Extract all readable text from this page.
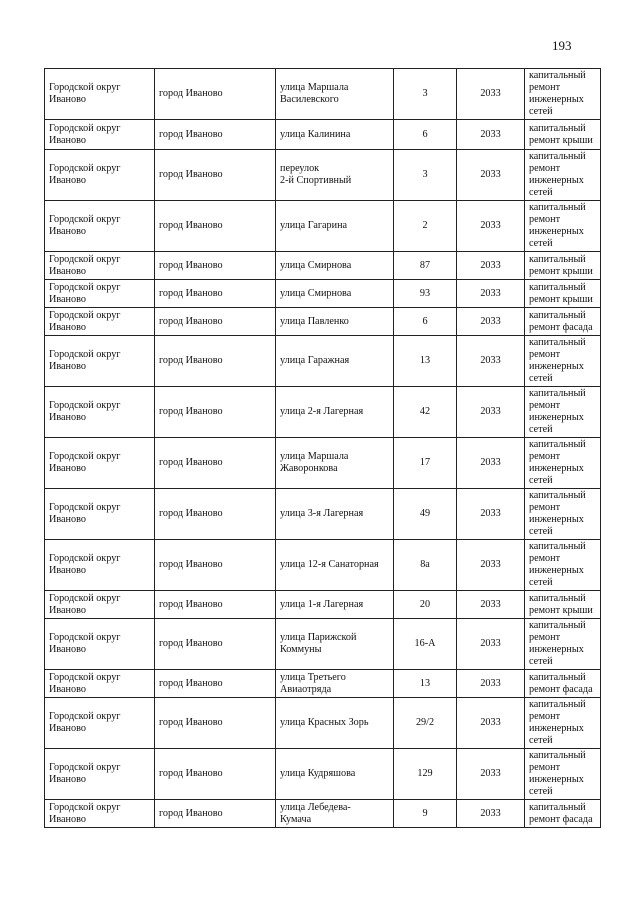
193
Городской округ
Иваново	город Иваново	улица Маршала
Василевского	3	2033	капитальный
ремонт
инженерных
сетей

Городской округ
Иваново	город Иваново	улица Калинина	6	2033	капитальный
ремонт крыши

Городской округ
Иваново	город Иваново	переулок
2-й Спортивный	3	2033	капитальный
ремонт
инженерных
сетей

Городской округ
Иваново	город Иваново	улица Гагарина	2	2033	капитальный
ремонт
инженерных
сетей

Городской округ
Иваново	город Иваново	улица Смирнова	87	2033	капитальный
ремонт крыши

Городской округ
Иваново	город Иваново	улица Смирнова	93	2033	капитальный
ремонт крыши

Городской округ
Иваново	город Иваново	улица Павленко	6	2033	капитальный
ремонт фасада

Городской округ
Иваново	город Иваново	улица Гаражная	13	2033	капитальный
ремонт
инженерных
сетей

Городской округ
Иваново	город Иваново	улица 2-я Лагерная	42	2033	капитальный
ремонт
инженерных
сетей

Городской округ
Иваново	город Иваново	улица Маршала
Жаворонкова	17	2033	капитальный
ремонт
инженерных
сетей

Городской округ
Иваново	город Иваново	улица 3-я Лагерная	49	2033	капитальный
ремонт
инженерных
сетей

Городской округ
Иваново	город Иваново	улица 12-я Санаторная	8а	2033	капитальный
ремонт
инженерных
сетей

Городской округ
Иваново	город Иваново	улица 1-я Лагерная	20	2033	капитальный
ремонт крыши

Городской округ
Иваново	город Иваново	улица Парижской
Коммуны	16-А	2033	капитальный
ремонт
инженерных
сетей

Городской округ
Иваново	город Иваново	улица Третьего
Авиаотряда	13	2033	капитальный
ремонт фасада

Городской округ
Иваново	город Иваново	улица Красных Зорь	29/2	2033	капитальный
ремонт
инженерных
сетей

Городской округ
Иваново	город Иваново	улица Кудряшова	129	2033	капитальный
ремонт
инженерных
сетей

Городской округ
Иваново	город Иваново	улица Лебедева-
Кумача	9	2033	капитальный
ремонт фасада
